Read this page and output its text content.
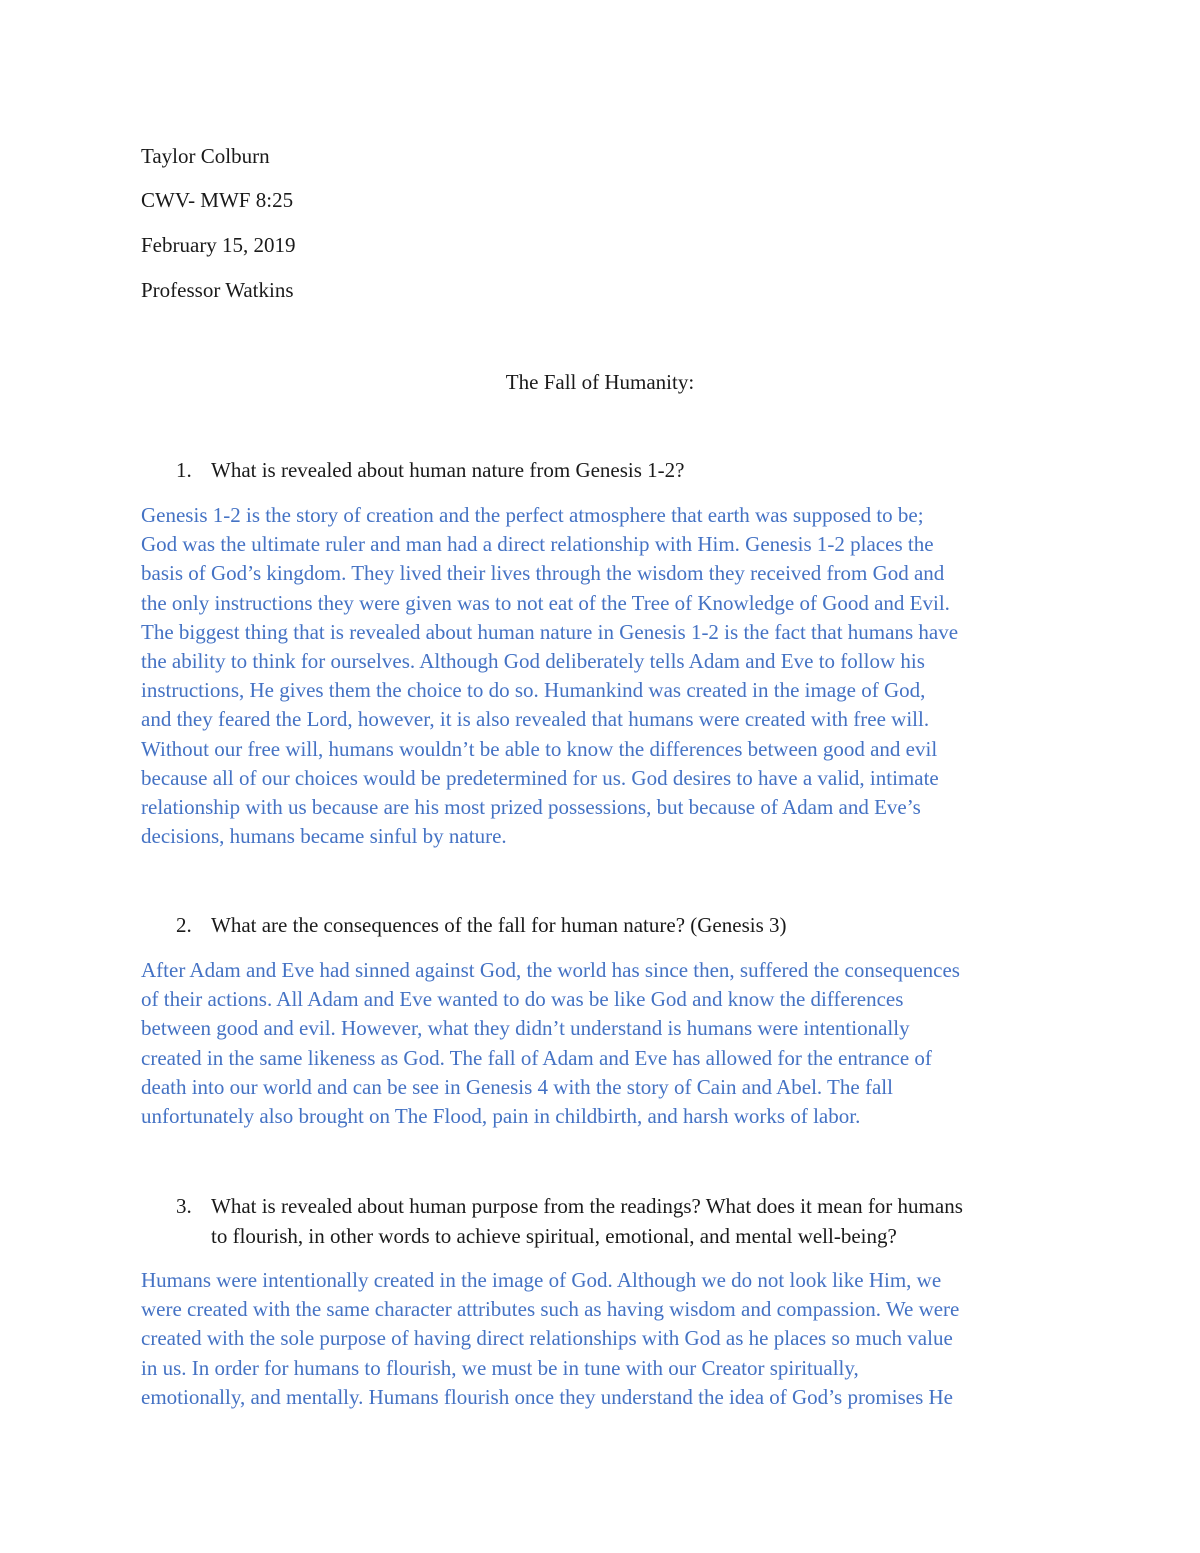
Taylor Colburn
CWV- MWF 8:25
February 15, 2019
Professor Watkins
The Fall of Humanity:
1. What is revealed about human nature from Genesis 1-2?
Genesis 1-2 is the story of creation and the perfect atmosphere that earth was supposed to be;
God was the ultimate ruler and man had a direct relationship with Him. Genesis 1-2 places the
basis of God’s kingdom. They lived their lives through the wisdom they received from God and
the only instructions they were given was to not eat of the Tree of Knowledge of Good and Evil.
The biggest thing that is revealed about human nature in Genesis 1-2 is the fact that humans have
the ability to think for ourselves. Although God deliberately tells Adam and Eve to follow his
instructions, He gives them the choice to do so. Humankind was created in the image of God,
and they feared the Lord, however, it is also revealed that humans were created with free will.
Without our free will, humans wouldn’t be able to know the differences between good and evil
because all of our choices would be predetermined for us. God desires to have a valid, intimate
relationship with us because are his most prized possessions, but because of Adam and Eve’s
decisions, humans became sinful by nature.
2. What are the consequences of the fall for human nature? (Genesis 3)
After Adam and Eve had sinned against God, the world has since then, suffered the consequences
of their actions. All Adam and Eve wanted to do was be like God and know the differences
between good and evil. However, what they didn’t understand is humans were intentionally
created in the same likeness as God. The fall of Adam and Eve has allowed for the entrance of
death into our world and can be see in Genesis 4 with the story of Cain and Abel. The fall
unfortunately also brought on The Flood, pain in childbirth, and harsh works of labor.
3. What is revealed about human purpose from the readings? What does it mean for humans
to flourish, in other words to achieve spiritual, emotional, and mental well-being?
Humans were intentionally created in the image of God. Although we do not look like Him, we
were created with the same character attributes such as having wisdom and compassion. We were
created with the sole purpose of having direct relationships with God as he places so much value
in us. In order for humans to flourish, we must be in tune with our Creator spiritually,
emotionally, and mentally. Humans flourish once they understand the idea of God’s promises He
